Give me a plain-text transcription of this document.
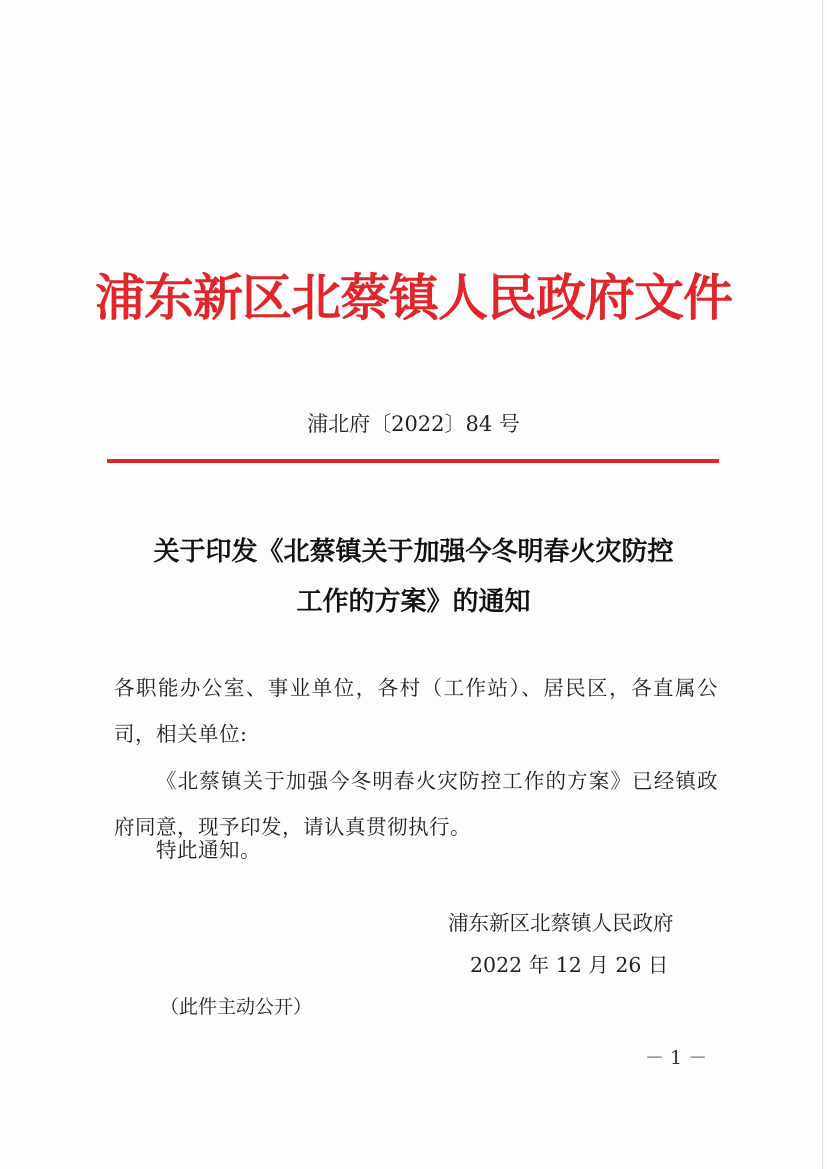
浦东新区北蔡镇人民政府文件
浦北府〔2022〕84 号
关于印发《北蔡镇关于加强今冬明春火灾防控
工作的方案》的通知
各职能办公室、事业单位，各村（工作站）、居民区，各直属公司，相关单位:
《北蔡镇关于加强今冬明春火灾防控工作的方案》已经镇政府同意，现予印发，请认真贯彻执行。
特此通知。
浦东新区北蔡镇人民政府
2022 年 12 月 26 日
（此件主动公开）
－ 1 －
